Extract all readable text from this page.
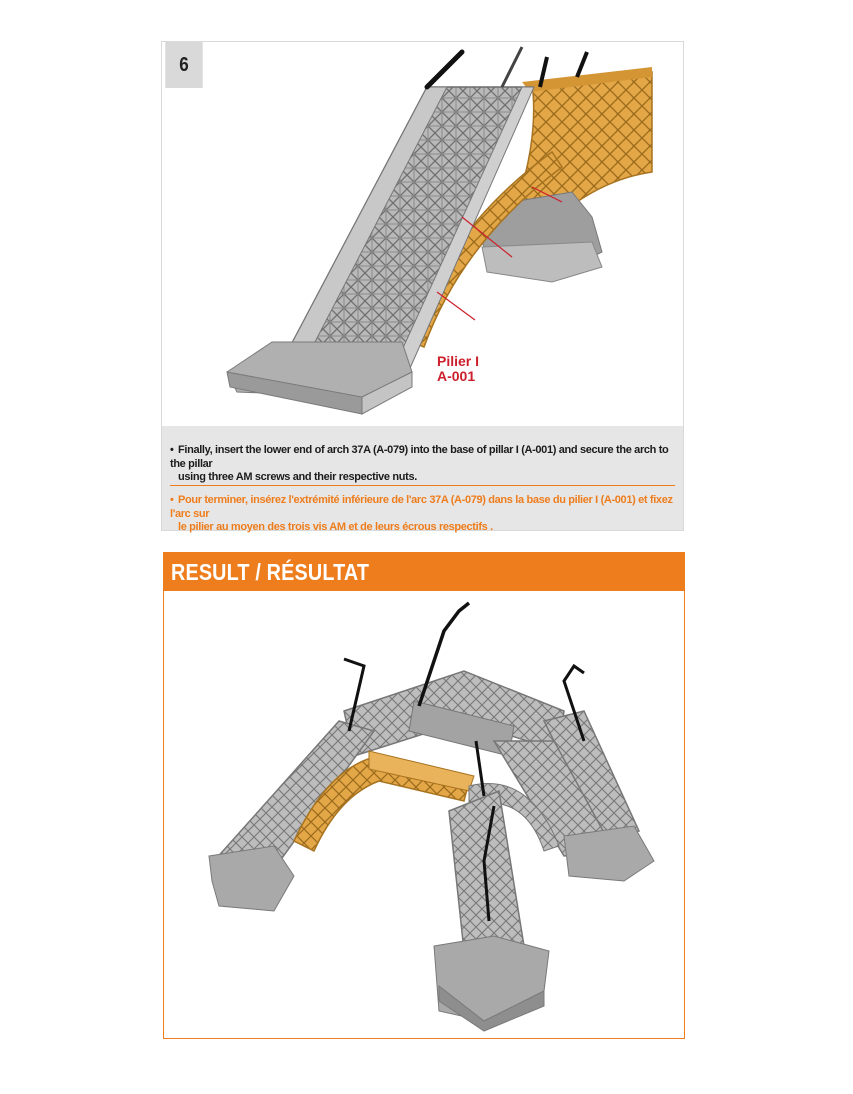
6
Pilier I
A-001
• Finally, insert the lower end of arch 37A (A-079) into the base of pillar I (A-001) and secure the arch to the pillar
using three AM screws and their respective nuts.
• Pour terminer, insérez l'extrémité inférieure de l'arc 37A (A-079) dans la base du pilier I (A-001) et fixez l'arc sur
le pilier au moyen des trois vis AM et de leurs écrous respectifs .
RESULT / RÉSULTAT
